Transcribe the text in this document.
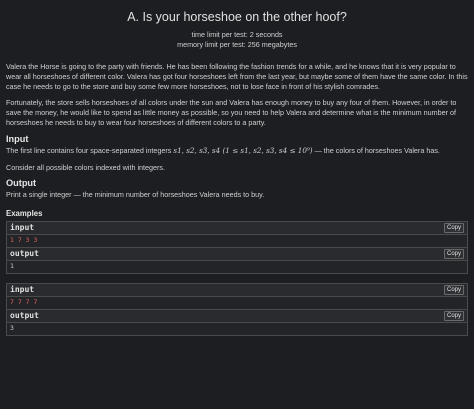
A. Is your horseshoe on the other hoof?
time limit per test: 2 seconds
memory limit per test: 256 megabytes

Valera the Horse is going to the party with friends. He has been following the fashion trends for a while, and he knows that it is very popular to wear all horseshoes of different color. Valera has got four horseshoes left from the last year, but maybe some of them have the same color. In this case he needs to go to the store and buy some few more horseshoes, not to lose face in front of his stylish comrades.

Fortunately, the store sells horseshoes of all colors under the sun and Valera has enough money to buy any four of them. However, in order to save the money, he would like to spend as little money as possible, so you need to help Valera and determine what is the minimum number of horseshoes he needs to buy to wear four horseshoes of different colors to a party.

Input

The first line contains four space-separated integers s1, s2, s3, s4 (1 ≤ s1, s2, s3, s4 ≤ 10⁹) — the colors of horseshoes Valera has.

Consider all possible colors indexed with integers.

Output

Print a single integer — the minimum number of horseshoes Valera needs to buy.

Examples
input	Copy
1 7 3 3
output	Copy
1
input	Copy
7 7 7 7
output	Copy
3
